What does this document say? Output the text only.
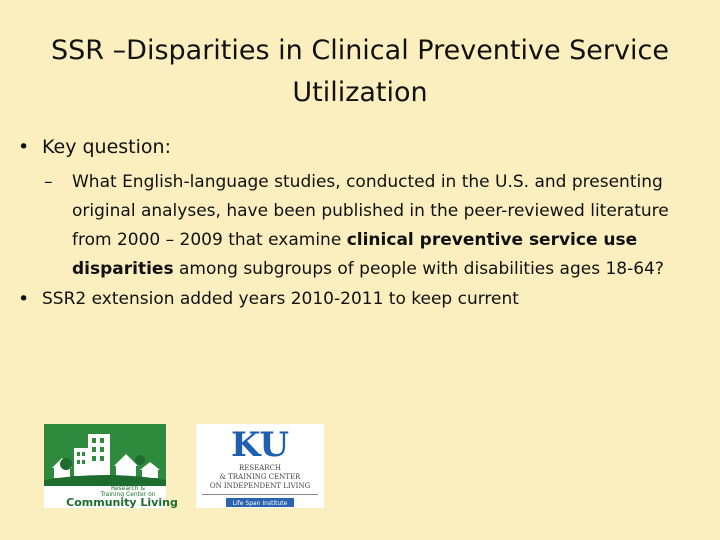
SSR –Disparities in Clinical Preventive Service Utilization
• Key question:
– What English-language studies, conducted in the U.S. and presenting original analyses, have been published in the peer-reviewed literature from 2000 – 2009 that examine clinical preventive service use disparities among subgroups of people with disabilities ages 18-64?
• SSR2 extension added years 2010-2011 to keep current
Research &
Training Center on
Community Living
KU
RESEARCH
& TRAINING CENTER
ON INDEPENDENT LIVING
Life Span Institute
